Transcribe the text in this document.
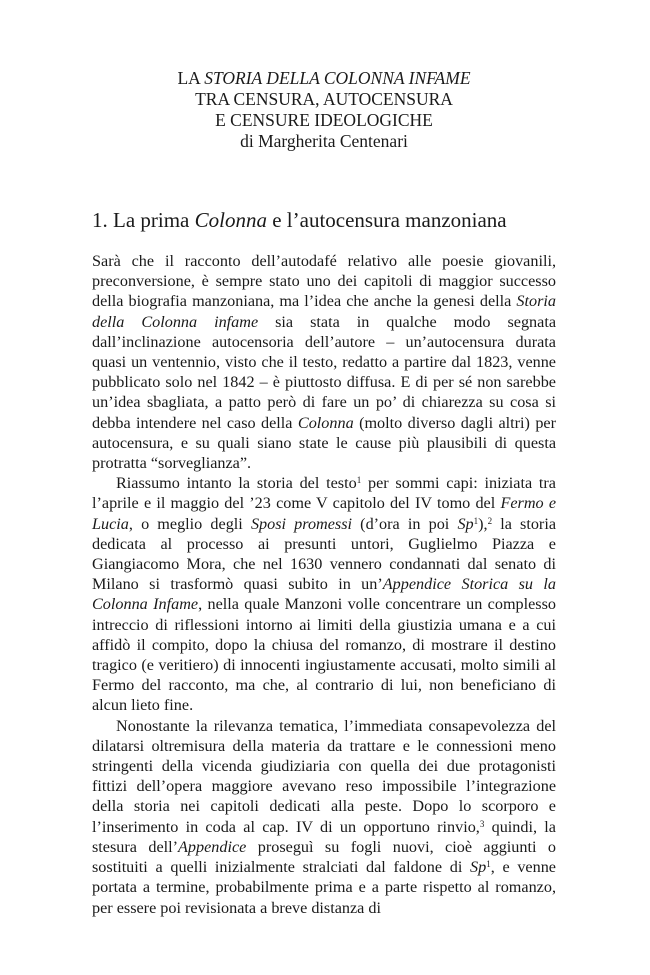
LA STORIA DELLA COLONNA INFAME
TRA CENSURA, AUTOCENSURA
E CENSURE IDEOLOGICHE
di Margherita Centenari
1. La prima Colonna e l’autocensura manzoniana

Sarà che il racconto dell’autodafé relativo alle poesie giovanili, preconversione, è sempre stato uno dei capitoli di maggior successo della biografia manzoniana, ma l’idea che anche la genesi della Storia della Colonna infame sia stata in qualche modo segnata dall’inclinazione autocensoria dell’autore – un’autocensura durata quasi un ventennio, visto che il testo, redatto a partire dal 1823, venne pubblicato solo nel 1842 – è piuttosto diffusa. E di per sé non sarebbe un’idea sbagliata, a patto però di fare un po’ di chiarezza su cosa si debba intendere nel caso della Colonna (molto diverso dagli altri) per autocensura, e su quali siano state le cause più plausibili di questa protratta “sorveglianza”.

Riassumo intanto la storia del testo$^1$ per sommi capi: iniziata tra l’aprile e il maggio del ’23 come V capitolo del IV tomo del Fermo e Lucia, o meglio degli Sposi promessi (d’ora in poi Sp$^1$),$^2$ la storia dedicata al processo ai presunti untori, Guglielmo Piazza e Giangiacomo Mora, che nel 1630 vennero condannati dal senato di Milano si trasformò quasi subito in un’Appendice Storica su la Colonna Infame, nella quale Manzoni volle concentrare un complesso intreccio di riflessioni intorno ai limiti della giustizia umana e a cui affidò il compito, dopo la chiusa del romanzo, di mostrare il destino tragico (e veritiero) di innocenti ingiustamente accusati, molto simili al Fermo del racconto, ma che, al contrario di lui, non beneficiano di alcun lieto fine.

Nonostante la rilevanza tematica, l’immediata consapevolezza del dilatarsi oltremisura della materia da trattare e le connessioni meno stringenti della vicenda giudiziaria con quella dei due protagonisti fittizi dell’opera maggiore avevano reso impossibile l’integrazione della storia nei capitoli dedicati alla peste. Dopo lo scorporo e l’inserimento in coda al cap. IV di un opportuno rinvio,$^3$ quindi, la stesura dell’Appendice proseguì su fogli nuovi, cioè aggiunti o sostituiti a quelli inizialmente stralciati dal faldone di Sp$^1$, e venne portata a termine, probabilmente prima e a parte rispetto al romanzo, per essere poi revisionata a breve distanza di
